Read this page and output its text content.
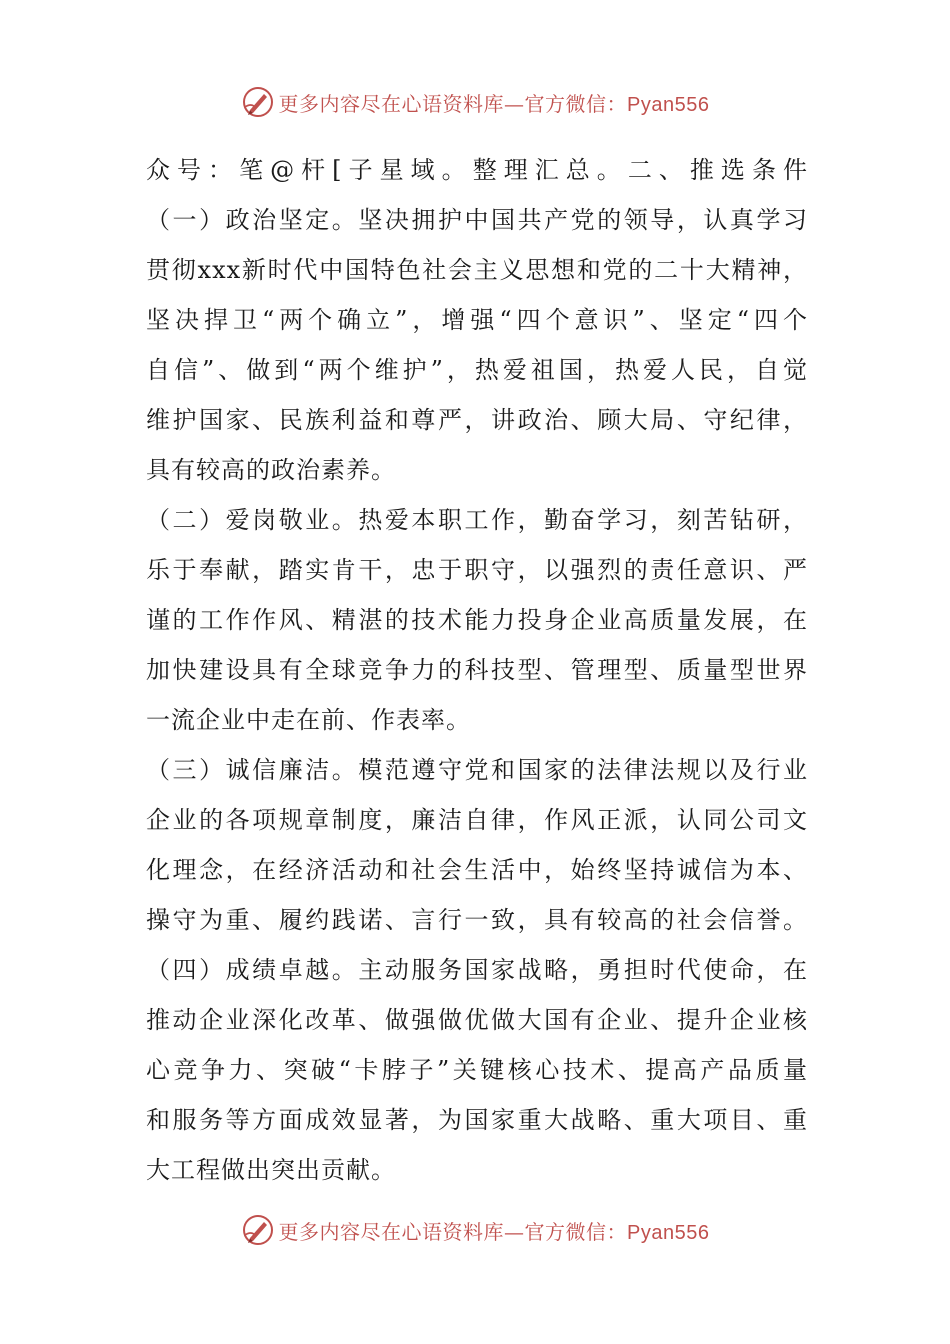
更多内容尽在心语资料库—官方微信：Pyan556
众号：笔@杆[子星域。整理汇总。二、推选条件
（一）政治坚定。坚决拥护中国共产党的领导，认真学习
贯彻xxx新时代中国特色社会主义思想和党的二十大精神，
坚决捍卫“两个确立”，增强“四个意识”、坚定“四个
自信”、做到“两个维护”，热爱祖国，热爱人民，自觉
维护国家、民族利益和尊严，讲政治、顾大局、守纪律，
具有较高的政治素养。
（二）爱岗敬业。热爱本职工作，勤奋学习，刻苦钻研，
乐于奉献，踏实肯干，忠于职守，以强烈的责任意识、严
谨的工作作风、精湛的技术能力投身企业高质量发展，在
加快建设具有全球竞争力的科技型、管理型、质量型世界
一流企业中走在前、作表率。
（三）诚信廉洁。模范遵守党和国家的法律法规以及行业
企业的各项规章制度，廉洁自律，作风正派，认同公司文
化理念，在经济活动和社会生活中，始终坚持诚信为本、
操守为重、履约践诺、言行一致，具有较高的社会信誉。
（四）成绩卓越。主动服务国家战略，勇担时代使命，在
推动企业深化改革、做强做优做大国有企业、提升企业核
心竞争力、突破“卡脖子”关键核心技术、提高产品质量
和服务等方面成效显著，为国家重大战略、重大项目、重
大工程做出突出贡献。
更多内容尽在心语资料库—官方微信：Pyan556
